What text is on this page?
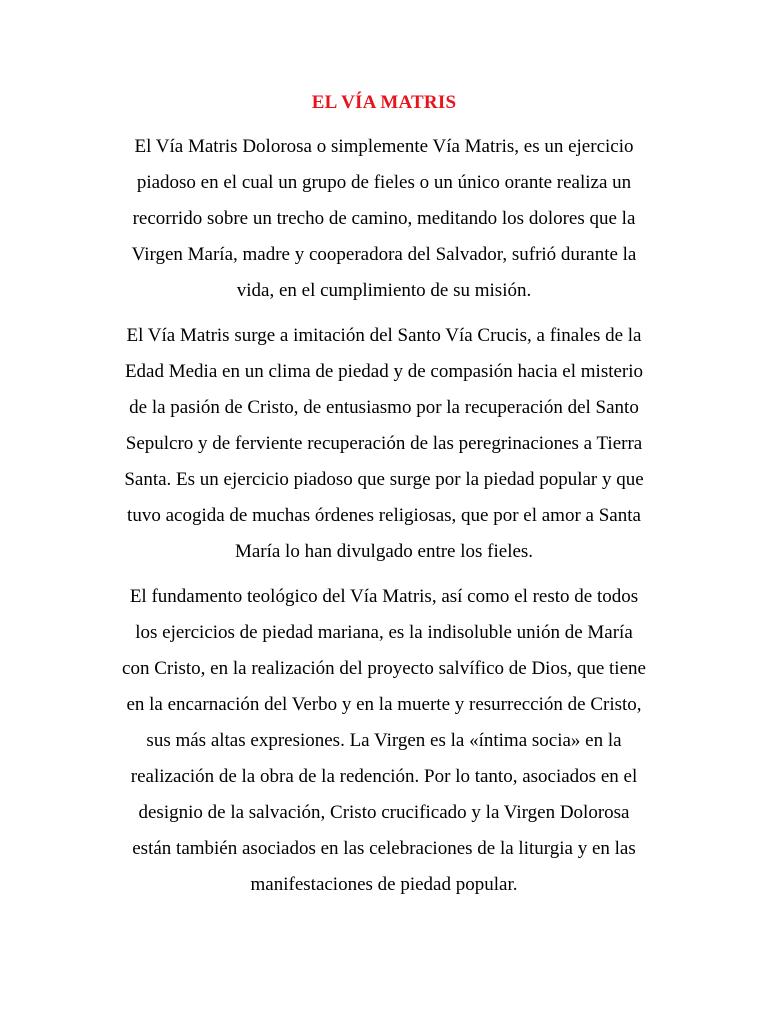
EL VÍA MATRIS

El Vía Matris Dolorosa o simplemente Vía Matris, es un ejercicio
piadoso en el cual un grupo de fieles o un único orante realiza un
recorrido sobre un trecho de camino, meditando los dolores que la
Virgen María, madre y cooperadora del Salvador, sufrió durante la
vida, en el cumplimiento de su misión.

El Vía Matris surge a imitación del Santo Vía Crucis, a finales de la
Edad Media en un clima de piedad y de compasión hacia el misterio
de la pasión de Cristo, de entusiasmo por la recuperación del Santo
Sepulcro y de ferviente recuperación de las peregrinaciones a Tierra
Santa. Es un ejercicio piadoso que surge por la piedad popular y que
tuvo acogida de muchas órdenes religiosas, que por el amor a Santa
María lo han divulgado entre los fieles.

El fundamento teológico del Vía Matris, así como el resto de todos
los ejercicios de piedad mariana, es la indisoluble unión de María
con Cristo, en la realización del proyecto salvífico de Dios, que tiene
en la encarnación del Verbo y en la muerte y resurrección de Cristo,
sus más altas expresiones. La Virgen es la «íntima socia» en la
realización de la obra de la redención. Por lo tanto, asociados en el
designio de la salvación, Cristo crucificado y la Virgen Dolorosa
están también asociados en las celebraciones de la liturgia y en las
manifestaciones de piedad popular.
